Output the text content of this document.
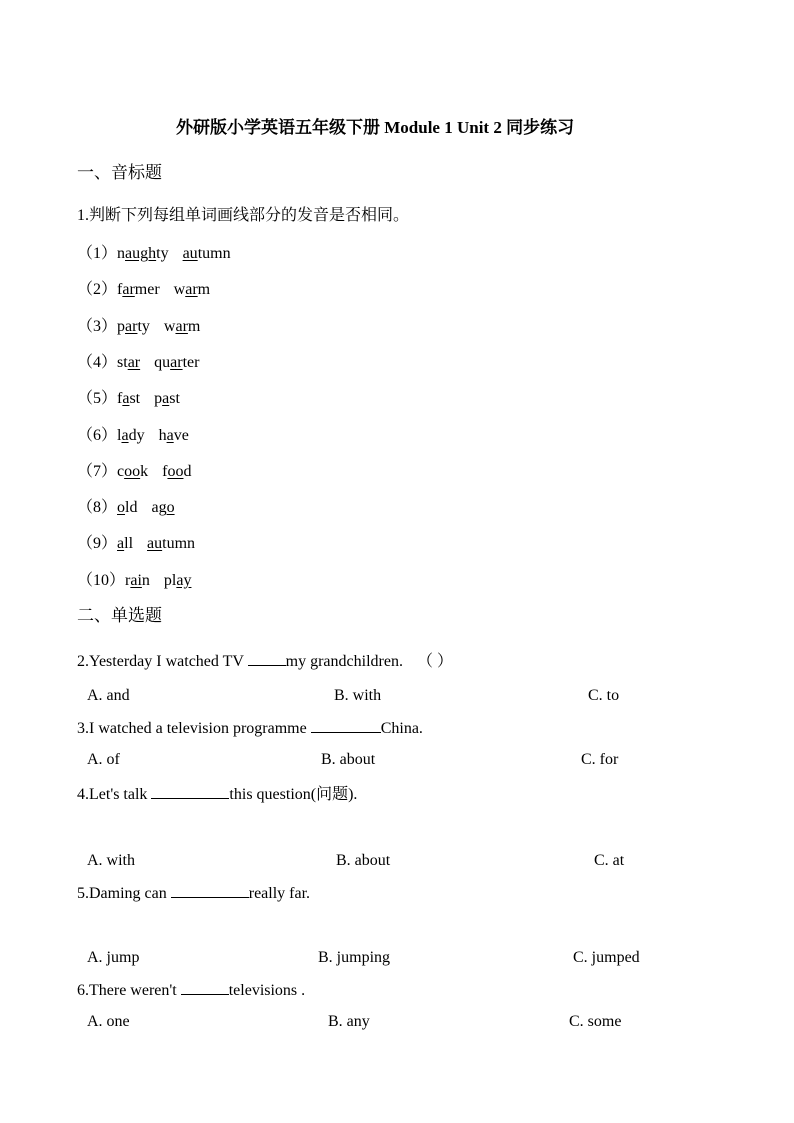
外研版小学英语五年级下册 Module 1 Unit 2 同步练习
一、音标题
1.判断下列每组单词画线部分的发音是否相同。
（1）naughty autumn
（2）farmer warm
（3）party warm
（4）star quarter
（5）fast past
（6）lady have
（7）cook food
（8）old ago
（9）all autumn
（10）rain play
二、单选题
2.Yesterday I watched TV my grandchildren. （ ）
A. and	B. with	C. to
3.I watched a television programme	China.
A. of	B. about	C. for
4.Let's talk	this question(问题).
A. with	B. about	C. at
5.Daming can	really far.
A. jump	B. jumping	C. jumped
6.There weren't	televisions .
A. one	B. any	C. some
